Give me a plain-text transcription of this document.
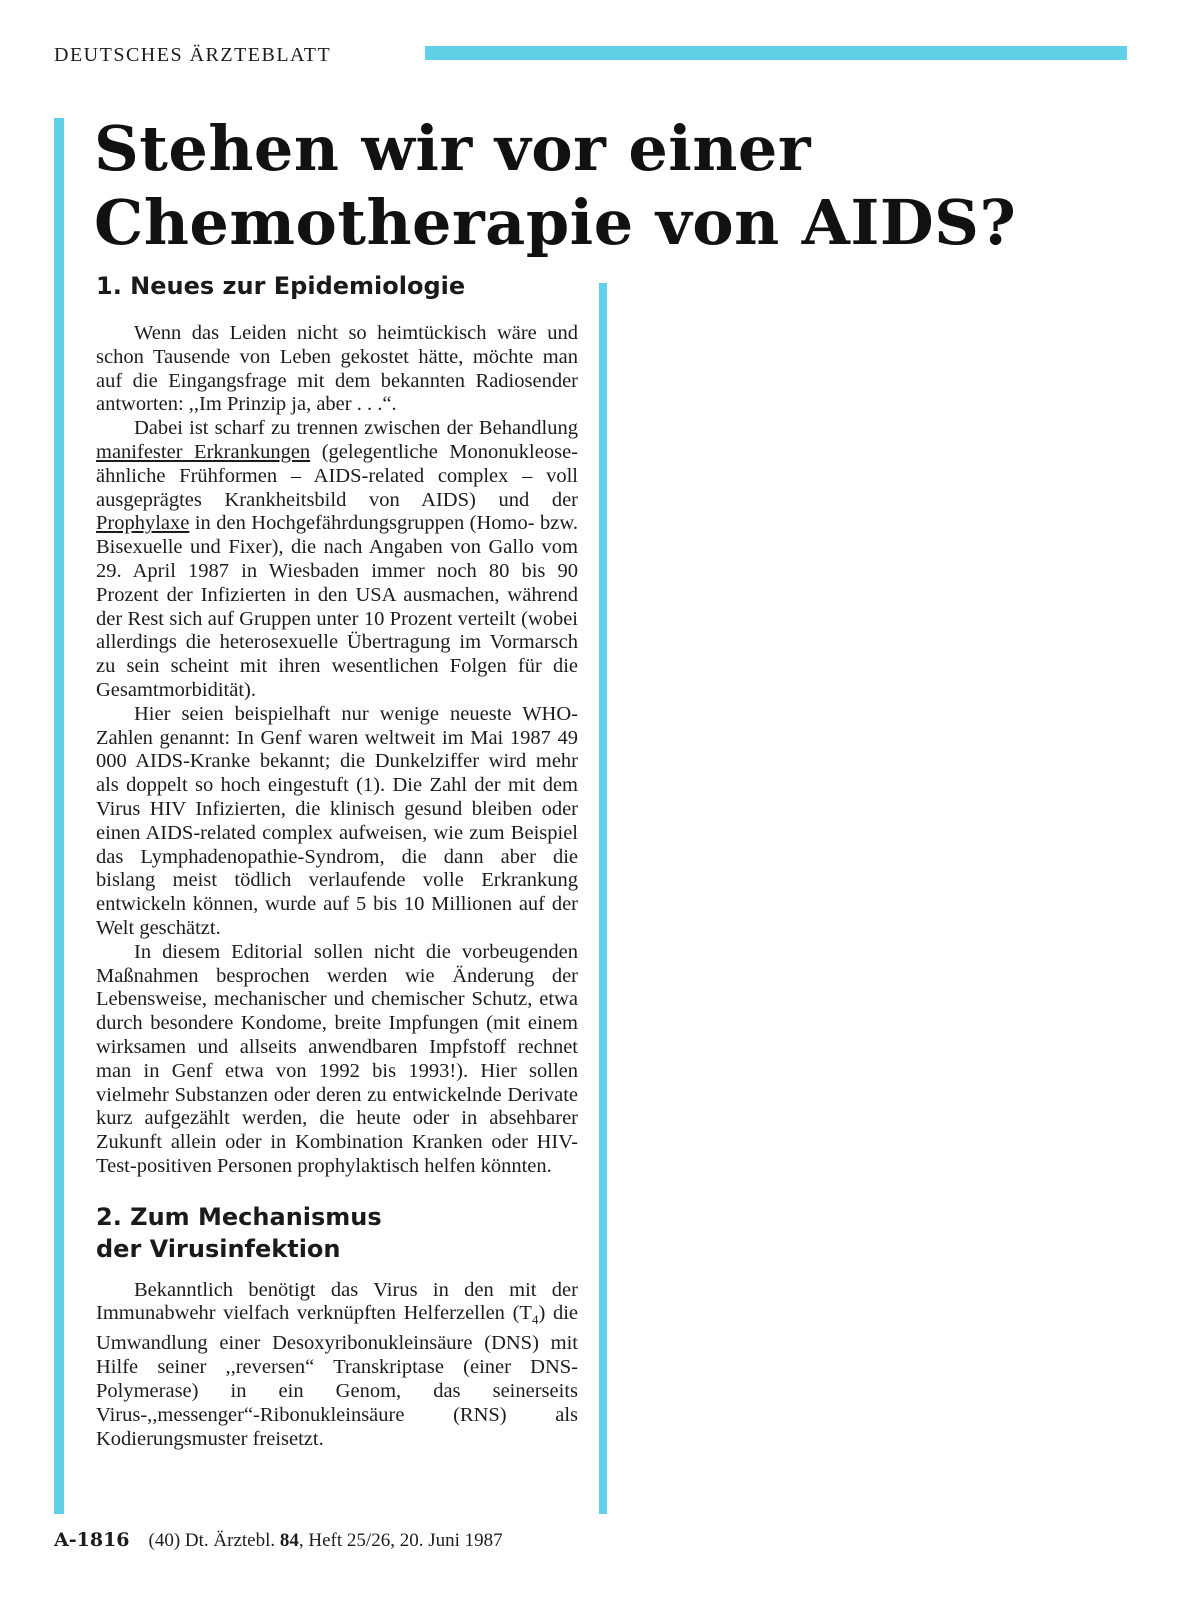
DEUTSCHES ÄRZTEBLATT
Stehen wir vor einer
Chemotherapie von AIDS?
1. Neues zur Epidemiologie

Wenn das Leiden nicht so heimtückisch wäre und schon Tausende von Leben gekostet hätte, möchte man auf die Eingangsfrage mit dem bekannten Radiosender antworten: ,,Im Prinzip ja, aber . . .“.

Dabei ist scharf zu trennen zwischen der Behandlung manifester Erkrankungen (gelegentliche Mononukleose-ähnliche Frühformen – AIDS-related complex – voll ausgeprägtes Krankheitsbild von AIDS) und der Prophylaxe in den Hochgefährdungsgruppen (Homo- bzw. Bisexuelle und Fixer), die nach Angaben von Gallo vom 29. April 1987 in Wiesbaden immer noch 80 bis 90 Prozent der Infizierten in den USA ausmachen, während der Rest sich auf Gruppen unter 10 Prozent verteilt (wobei allerdings die heterosexuelle Übertragung im Vormarsch zu sein scheint mit ihren wesentlichen Folgen für die Gesamtmorbidität).

Hier seien beispielhaft nur wenige neueste WHO-Zahlen genannt: In Genf waren weltweit im Mai 1987 49 000 AIDS-Kranke bekannt; die Dunkelziffer wird mehr als doppelt so hoch eingestuft (1). Die Zahl der mit dem Virus HIV Infizierten, die klinisch gesund bleiben oder einen AIDS-related complex aufweisen, wie zum Beispiel das Lymphadenopathie-Syndrom, die dann aber die bislang meist tödlich verlaufende volle Erkrankung entwickeln können, wurde auf 5 bis 10 Millionen auf der Welt geschätzt.

In diesem Editorial sollen nicht die vorbeugenden Maßnahmen besprochen werden wie Änderung der Lebensweise, mechanischer und chemischer Schutz, etwa durch besondere Kondome, breite Impfungen (mit einem wirksamen und allseits anwendbaren Impfstoff rechnet man in Genf etwa von 1992 bis 1993!). Hier sollen vielmehr Substanzen oder deren zu entwickelnde Derivate kurz aufgezählt werden, die heute oder in absehbarer Zukunft allein oder in Kombination Kranken oder HIV-Test-positiven Personen prophylaktisch helfen könnten.

2. Zum Mechanismus
der Virusinfektion

Bekanntlich benötigt das Virus in den mit der Immunabwehr vielfach verknüpften Helferzellen $(T_4)$ die Umwandlung einer Desoxyribonukleinsäure (DNS) mit Hilfe seiner ,,reversen“ Transkriptase (einer DNS-Polymerase) in ein Genom, das seinerseits Virus-,,messenger“-Ribonukleinsäure (RNS) als Kodierungsmuster freisetzt.

A-1816 (40) Dt. Ärztebl. 84, Heft 25/26, 20. Juni 1987
